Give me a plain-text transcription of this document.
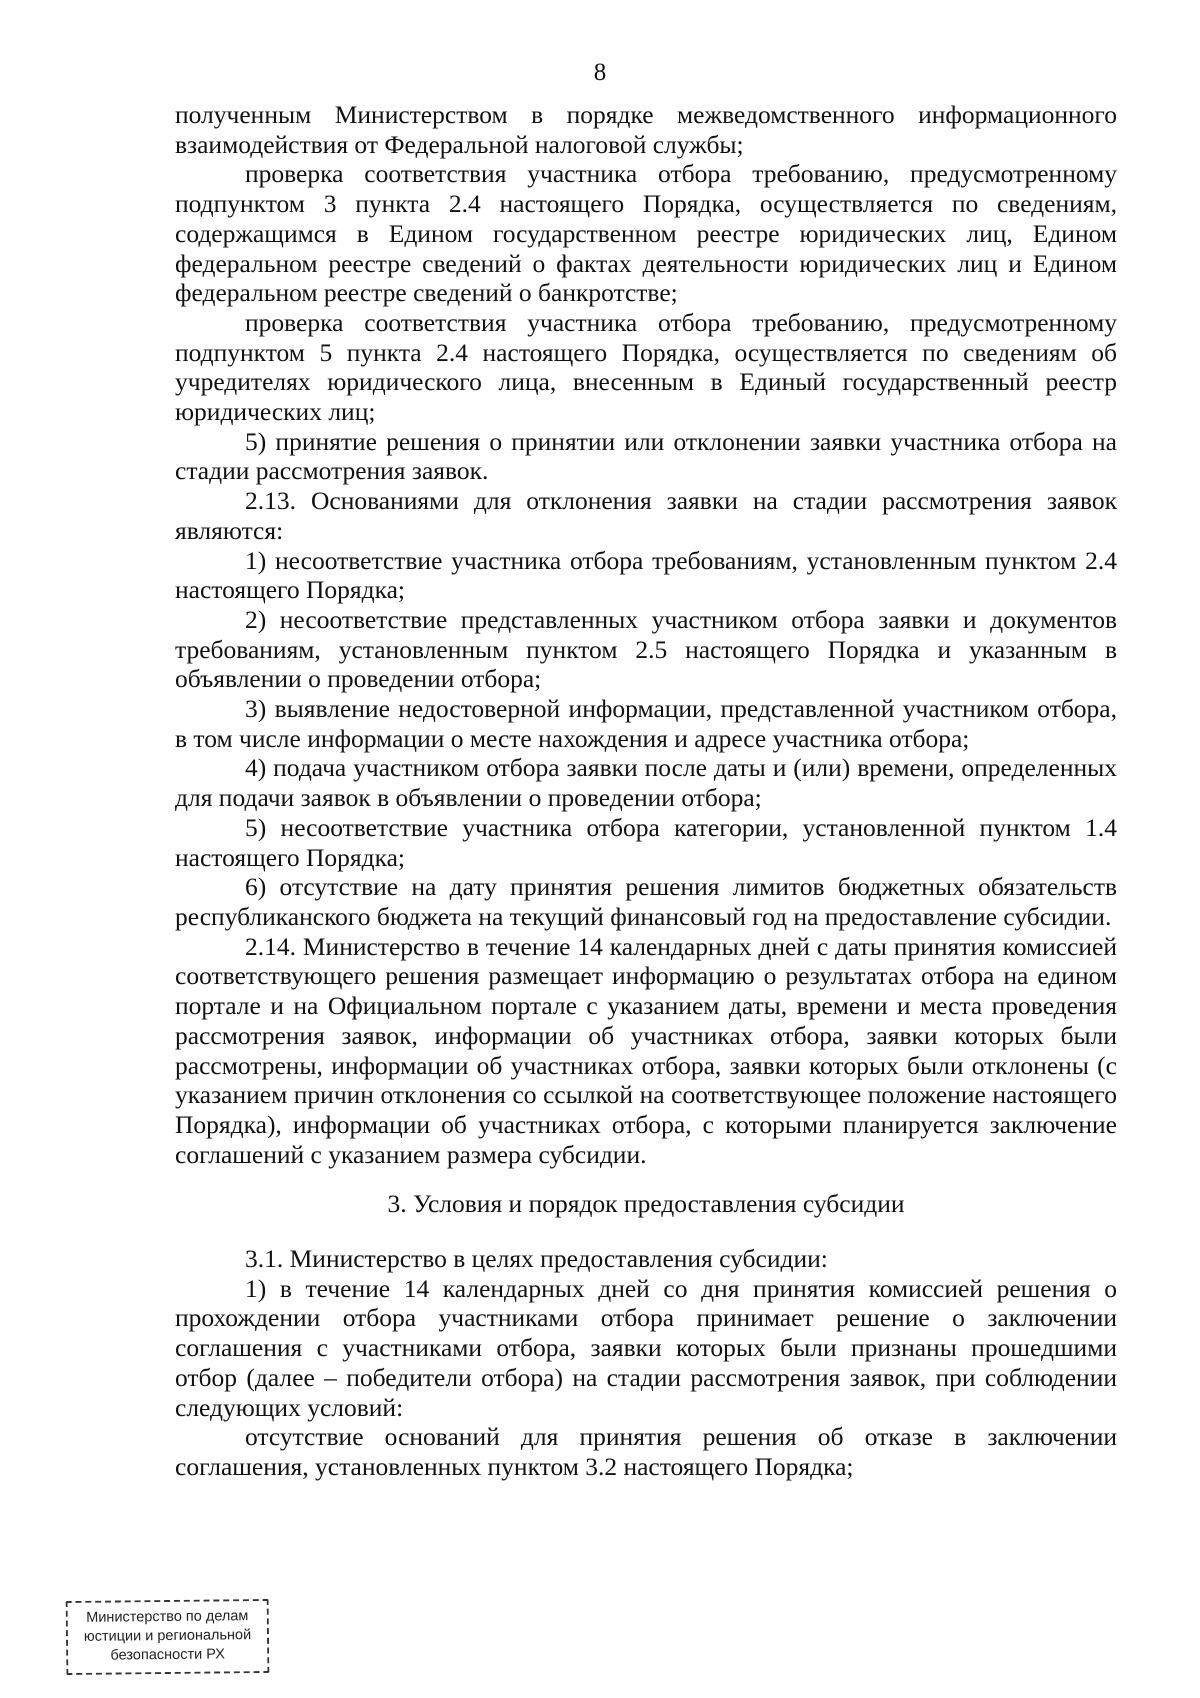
8

полученным Министерством в порядке межведомственного информационного взаимодействия от Федеральной налоговой службы;

проверка соответствия участника отбора требованию, предусмотренному подпунктом 3 пункта 2.4 настоящего Порядка, осуществляется по сведениям, содержащимся в Едином государственном реестре юридических лиц, Едином федеральном реестре сведений о фактах деятельности юридических лиц и Едином федеральном реестре сведений о банкротстве;

проверка соответствия участника отбора требованию, предусмотренному подпунктом 5 пункта 2.4 настоящего Порядка, осуществляется по сведениям об учредителях юридического лица, внесенным в Единый государственный реестр юридических лиц;

5) принятие решения о принятии или отклонении заявки участника отбора на стадии рассмотрения заявок.

2.13. Основаниями для отклонения заявки на стадии рассмотрения заявок являются:

1) несоответствие участника отбора требованиям, установленным пунктом 2.4 настоящего Порядка;

2) несоответствие представленных участником отбора заявки и документов требованиям, установленным пунктом 2.5 настоящего Порядка и указанным в объявлении о проведении отбора;

3) выявление недостоверной информации, представленной участником отбора, в том числе информации о месте нахождения и адресе участника отбора;

4) подача участником отбора заявки после даты и (или) времени, определенных для подачи заявок в объявлении о проведении отбора;

5) несоответствие участника отбора категории, установленной пунктом 1.4 настоящего Порядка;

6) отсутствие на дату принятия решения лимитов бюджетных обязательств республиканского бюджета на текущий финансовый год на предоставление субсидии.

2.14. Министерство в течение 14 календарных дней с даты принятия комиссией соответствующего решения размещает информацию о результатах отбора на едином портале и на Официальном портале с указанием даты, времени и места проведения рассмотрения заявок, информации об участниках отбора, заявки которых были рассмотрены, информации об участниках отбора, заявки которых были отклонены (с указанием причин отклонения со ссылкой на соответствующее положение настоящего Порядка), информации об участниках отбора, с которыми планируется заключение соглашений с указанием размера субсидии.

3. Условия и порядок предоставления субсидии

3.1. Министерство в целях предоставления субсидии:

1) в течение 14 календарных дней со дня принятия комиссией решения о прохождении отбора участниками отбора принимает решение о заключении соглашения с участниками отбора, заявки которых были признаны прошедшими отбор (далее – победители отбора) на стадии рассмотрения заявок, при соблюдении следующих условий:

отсутствие оснований для принятия решения об отказе в заключении соглашения, установленных пунктом 3.2 настоящего Порядка;

Министерство по делам
юстиции и региональной
безопасности РХ
